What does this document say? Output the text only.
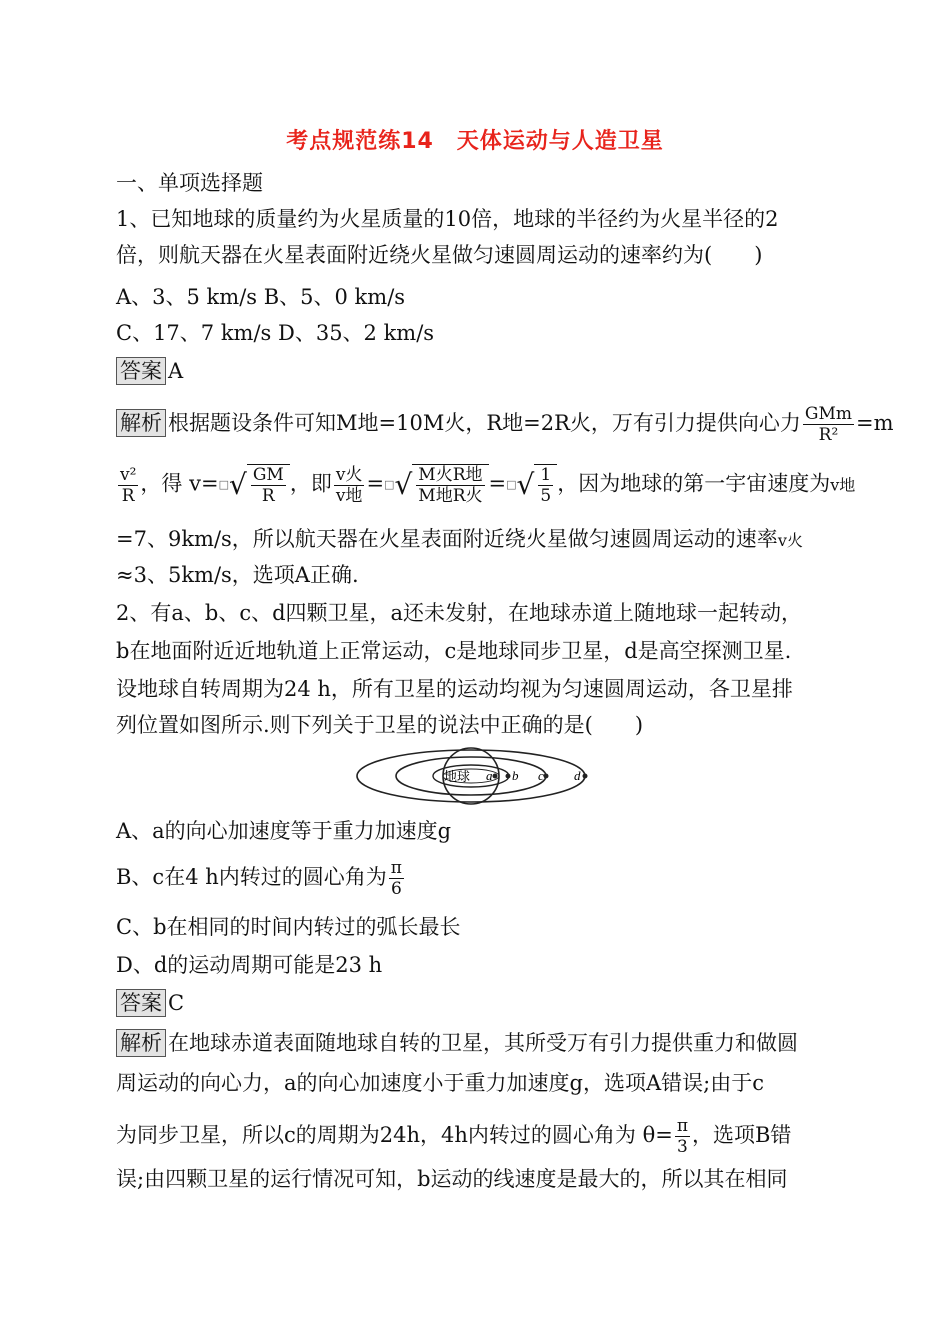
考点规范练14　天体运动与人造卫星
一、单项选择题
1、已知地球的质量约为火星质量的10倍，地球的半径约为火星半径的2
倍，则航天器在火星表面附近绕火星做匀速圆周运动的速率约为(　　)
A、3、5 km/s B、5、0 km/s
C、17、7 km/s D、35、2 km/s
答案 A
解析 根据题设条件可知M地=10M火，R地=2R火，万有引力提供向心力 $\frac{\text{GMm}}{\text{R²}} =m$
$\frac{\text{v²}}{R}$ ，得 v=□√ $\frac{GM}{R}$ ，即 $\frac{\text{v火}}{\text{v地}}$ =□√ $\frac{\text{M火R地}}{\text{M地R火}}$ =□√ $\frac{1}{5}$ ，因为地球的第一宇宙速度为v地
=7、9km/s，所以航天器在火星表面附近绕火星做匀速圆周运动的速率v火
≈3、5km/s，选项A正确.
2、有a、b、c、d四颗卫星，a还未发射，在地球赤道上随地球一起转动，
b在地面附近近地轨道上正常运动，c是地球同步卫星，d是高空探测卫星.
设地球自转周期为24 h，所有卫星的运动均视为匀速圆周运动，各卫星排
列位置如图所示.则下列关于卫星的说法中正确的是(　　)
地球 a b c d
A、a的向心加速度等于重力加速度g
B、c在4 h内转过的圆心角为 $\frac{\pi}{6}$
C、b在相同的时间内转过的弧长最长
D、d的运动周期可能是23 h
答案 C
解析 在地球赤道表面随地球自转的卫星，其所受万有引力提供重力和做圆
周运动的向心力，a的向心加速度小于重力加速度g，选项A错误;由于c
为同步卫星，所以c的周期为24h，4h内转过的圆心角为 $\theta= \frac{\pi}{3}$ ，选项B错
误;由四颗卫星的运行情况可知，b运动的线速度是最大的，所以其在相同
